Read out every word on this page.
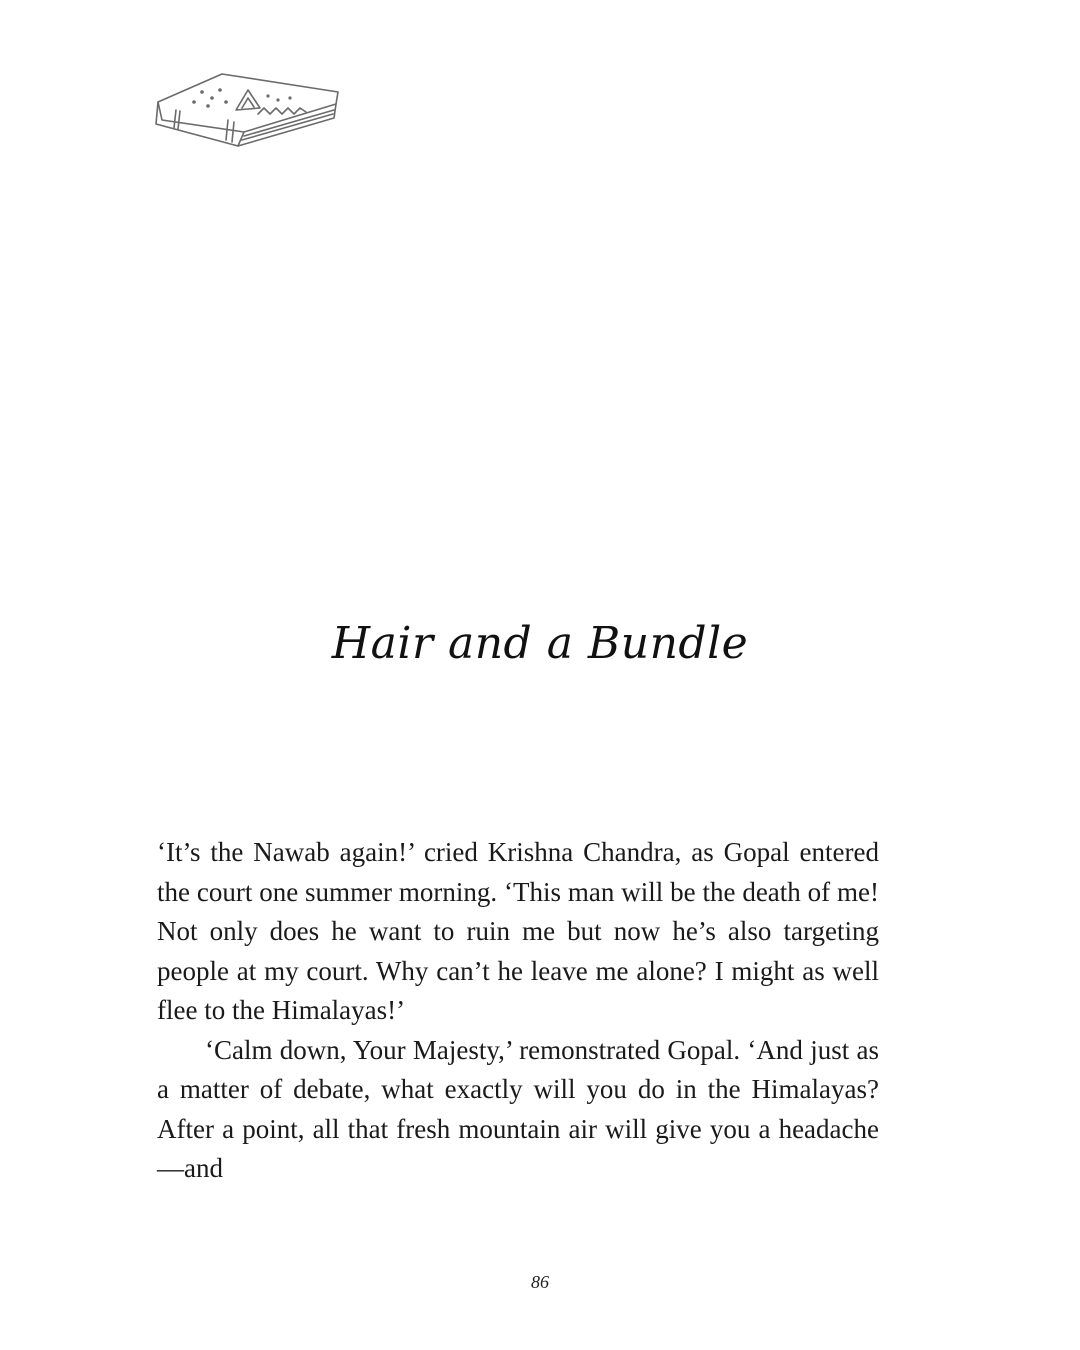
Hair and a Bundle

‘It’s the Nawab again!’ cried Krishna Chandra, as Gopal entered the court one summer morning. ‘This man will be the death of me! Not only does he want to ruin me but now he’s also targeting people at my court. Why can’t he leave me alone? I might as well flee to the Himalayas!’

‘Calm down, Your Majesty,’ remonstrated Gopal. ‘And just as a matter of debate, what exactly will you do in the Himalayas? After a point, all that fresh mountain air will give you a headache—and

86
